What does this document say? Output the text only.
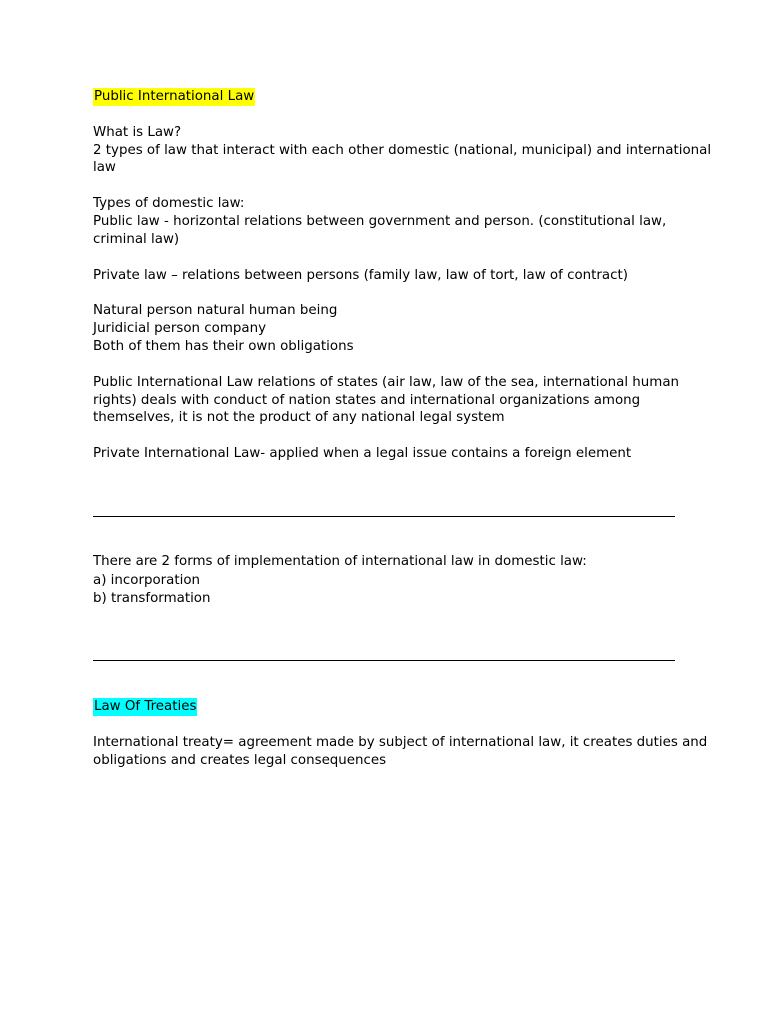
Public International Law
What is Law?
2 types of law that interact with each other domestic (national, municipal) and international
law
Types of domestic law:
Public law - horizontal relations between government and person. (constitutional law,
criminal law)
Private law – relations between persons (family law, law of tort, law of contract)
Natural person natural human being
Juridicial person company
Both of them has their own obligations
Public International Law relations of states (air law, law of the sea, international human
rights) deals with conduct of nation states and international organizations among
themselves, it is not the product of any national legal system
Private International Law- applied when a legal issue contains a foreign element
There are 2 forms of implementation of international law in domestic law:
a) incorporation
b) transformation
Law Of Treaties
International treaty= agreement made by subject of international law, it creates duties and
obligations and creates legal consequences
